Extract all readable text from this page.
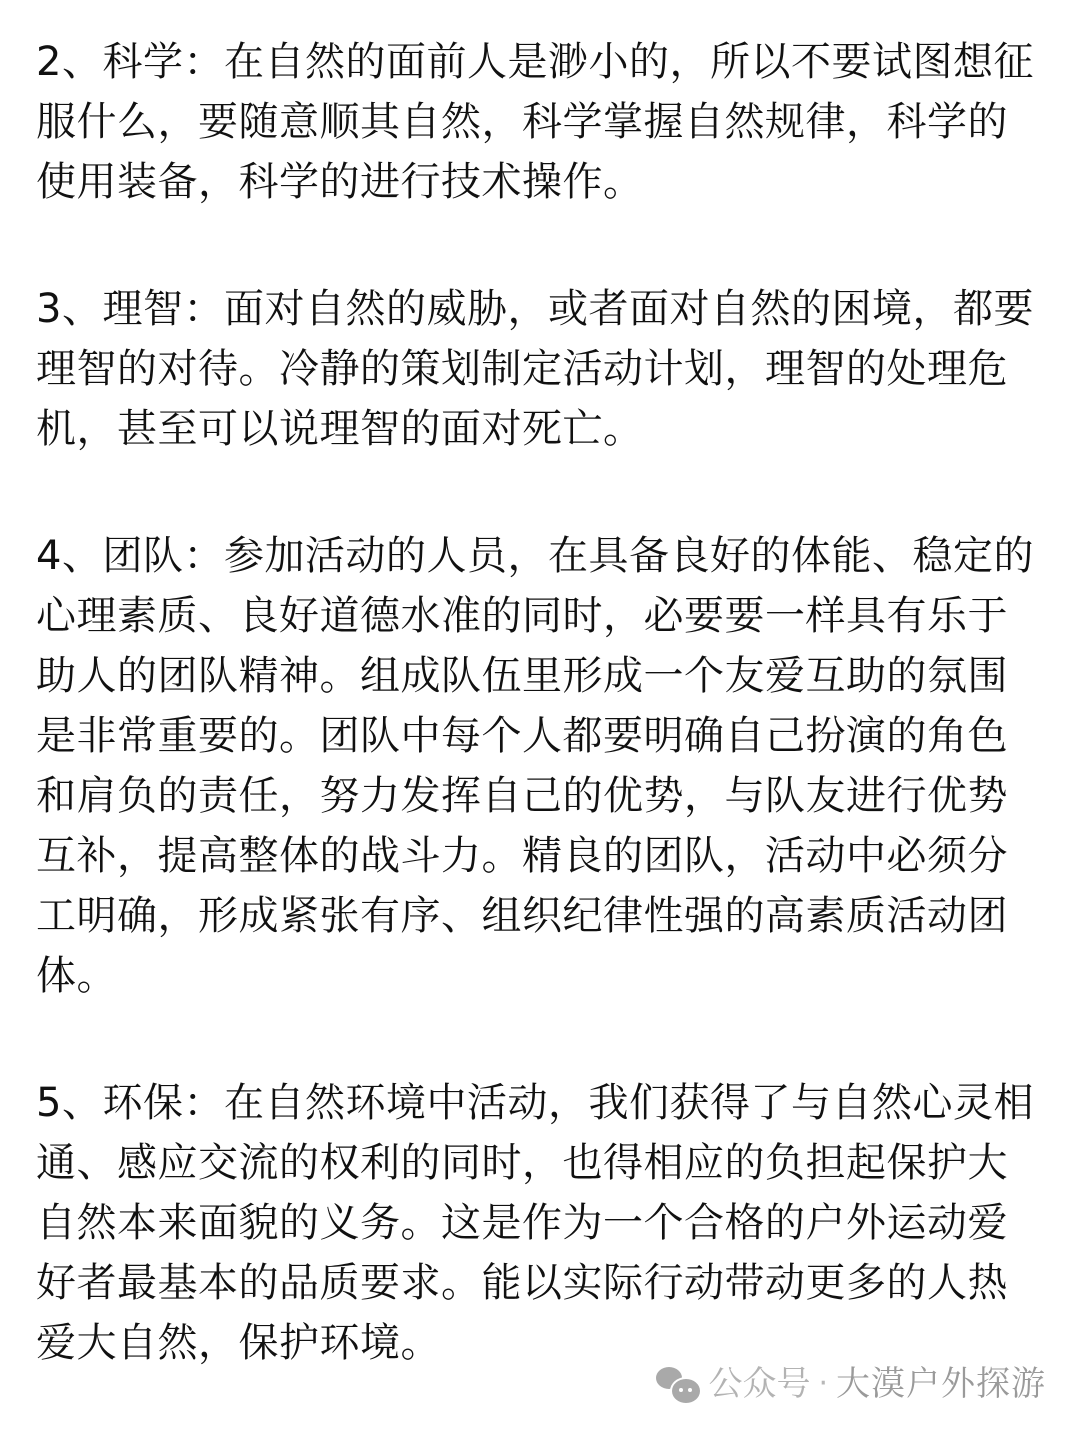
2、科学：在自然的面前人是渺小的，所以不要试图想征
服什么，要随意顺其自然，科学掌握自然规律，科学的
使用装备，科学的进行技术操作。
3、理智：面对自然的威胁，或者面对自然的困境，都要
理智的对待。冷静的策划制定活动计划，理智的处理危
机，甚至可以说理智的面对死亡。
4、团队：参加活动的人员，在具备良好的体能、稳定的
心理素质、良好道德水准的同时，必要要一样具有乐于
助人的团队精神。组成队伍里形成一个友爱互助的氛围
是非常重要的。团队中每个人都要明确自己扮演的角色
和肩负的责任，努力发挥自己的优势，与队友进行优势
互补，提高整体的战斗力。精良的团队，活动中必须分
工明确，形成紧张有序、组织纪律性强的高素质活动团
体。
5、环保：在自然环境中活动，我们获得了与自然心灵相
通、感应交流的权利的同时，也得相应的负担起保护大
自然本来面貌的义务。这是作为一个合格的户外运动爱
好者最基本的品质要求。能以实际行动带动更多的人热
爱大自然，保护环境。
公众号 · 大漠户外探游
